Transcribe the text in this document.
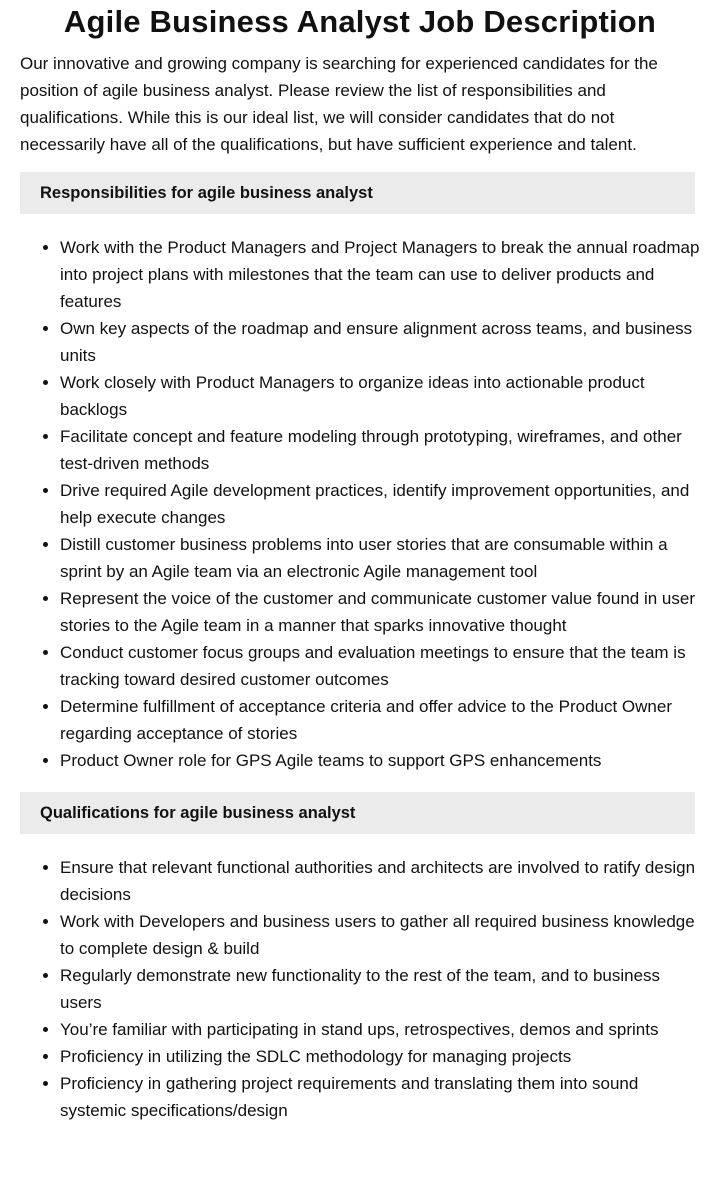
Agile Business Analyst Job Description

Our innovative and growing company is searching for experienced candidates for the position of agile business analyst. Please review the list of responsibilities and qualifications. While this is our ideal list, we will consider candidates that do not necessarily have all of the qualifications, but have sufficient experience and talent.

Responsibilities for agile business analyst
• Work with the Product Managers and Project Managers to break the annual roadmap into project plans with milestones that the team can use to deliver products and features
• Own key aspects of the roadmap and ensure alignment across teams, and business units
• Work closely with Product Managers to organize ideas into actionable product backlogs
• Facilitate concept and feature modeling through prototyping, wireframes, and other test-driven methods
• Drive required Agile development practices, identify improvement opportunities, and help execute changes
• Distill customer business problems into user stories that are consumable within a sprint by an Agile team via an electronic Agile management tool
• Represent the voice of the customer and communicate customer value found in user stories to the Agile team in a manner that sparks innovative thought
• Conduct customer focus groups and evaluation meetings to ensure that the team is tracking toward desired customer outcomes
• Determine fulfillment of acceptance criteria and offer advice to the Product Owner regarding acceptance of stories
• Product Owner role for GPS Agile teams to support GPS enhancements
Qualifications for agile business analyst
• Ensure that relevant functional authorities and architects are involved to ratify design decisions
• Work with Developers and business users to gather all required business knowledge to complete design & build
• Regularly demonstrate new functionality to the rest of the team, and to business users
• You’re familiar with participating in stand ups, retrospectives, demos and sprints
• Proficiency in utilizing the SDLC methodology for managing projects
• Proficiency in gathering project requirements and translating them into sound systemic specifications/design
